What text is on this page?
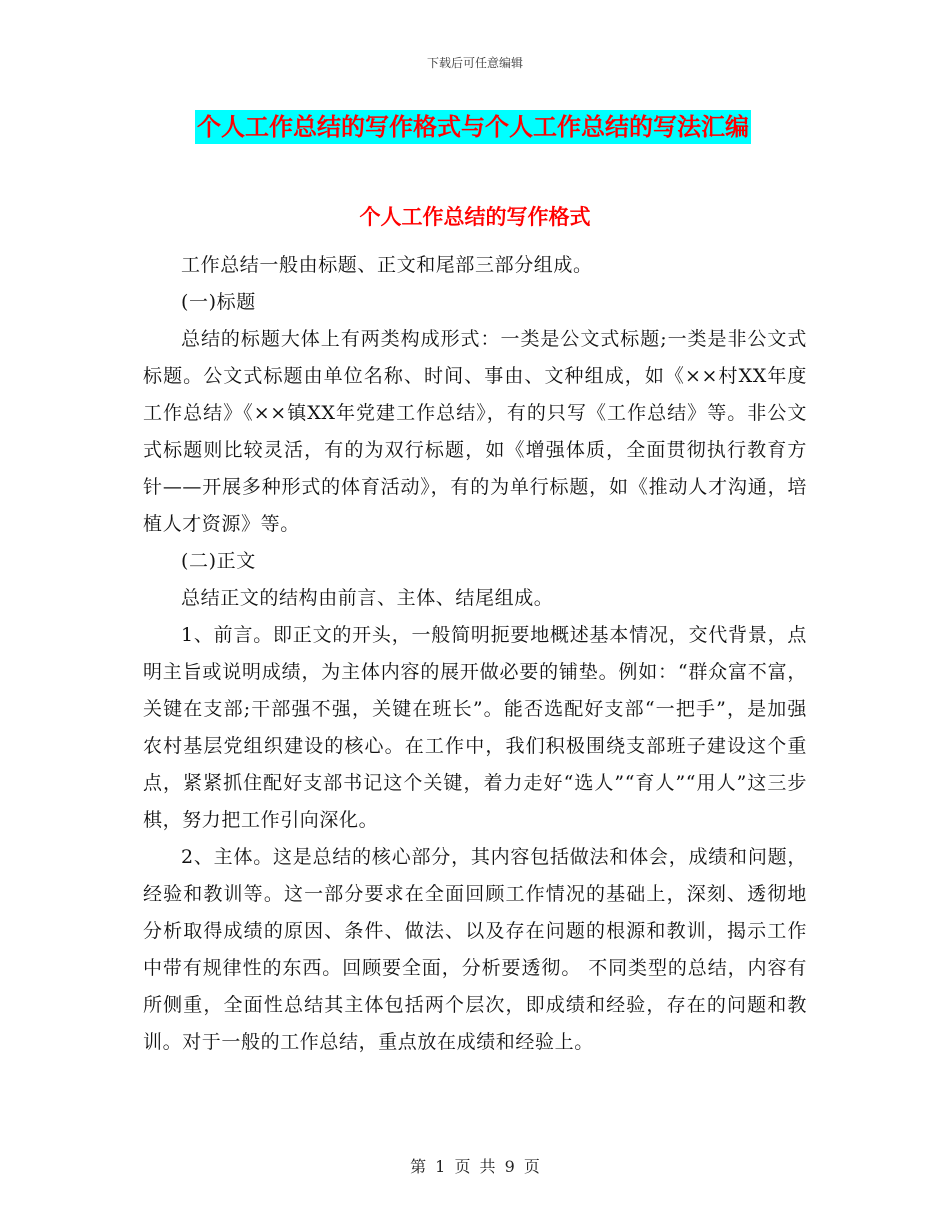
下载后可任意编辑
个人工作总结的写作格式与个人工作总结的写法汇编
个人工作总结的写作格式

工作总结一般由标题、正文和尾部三部分组成。

(一)标题

总结的标题大体上有两类构成形式：一类是公文式标题;一类是非公文式标题。公文式标题由单位名称、时间、事由、文种组成，如《××村XX年度工作总结》《××镇XX年党建工作总结》，有的只写《工作总结》等。非公文式标题则比较灵活，有的为双行标题，如《增强体质，全面贯彻执行教育方针——开展多种形式的体育活动》，有的为单行标题，如《推动人才沟通，培植人才资源》等。

(二)正文

总结正文的结构由前言、主体、结尾组成。

1、前言。即正文的开头，一般简明扼要地概述基本情况，交代背景，点明主旨或说明成绩，为主体内容的展开做必要的铺垫。例如：“群众富不富，关键在支部;干部强不强，关键在班长”。能否选配好支部“一把手”，是加强农村基层党组织建设的核心。在工作中，我们积极围绕支部班子建设这个重点，紧紧抓住配好支部书记这个关键，着力走好“选人”“育人”“用人”这三步棋，努力把工作引向深化。

2、主体。这是总结的核心部分，其内容包括做法和体会，成绩和问题，经验和教训等。这一部分要求在全面回顾工作情况的基础上，深刻、透彻地分析取得成绩的原因、条件、做法、以及存在问题的根源和教训，揭示工作中带有规律性的东西。回顾要全面，分析要透彻。 不同类型的总结，内容有所侧重，全面性总结其主体包括两个层次，即成绩和经验，存在的问题和教训。对于一般的工作总结，重点放在成绩和经验上。

第 1 页 共 9 页
